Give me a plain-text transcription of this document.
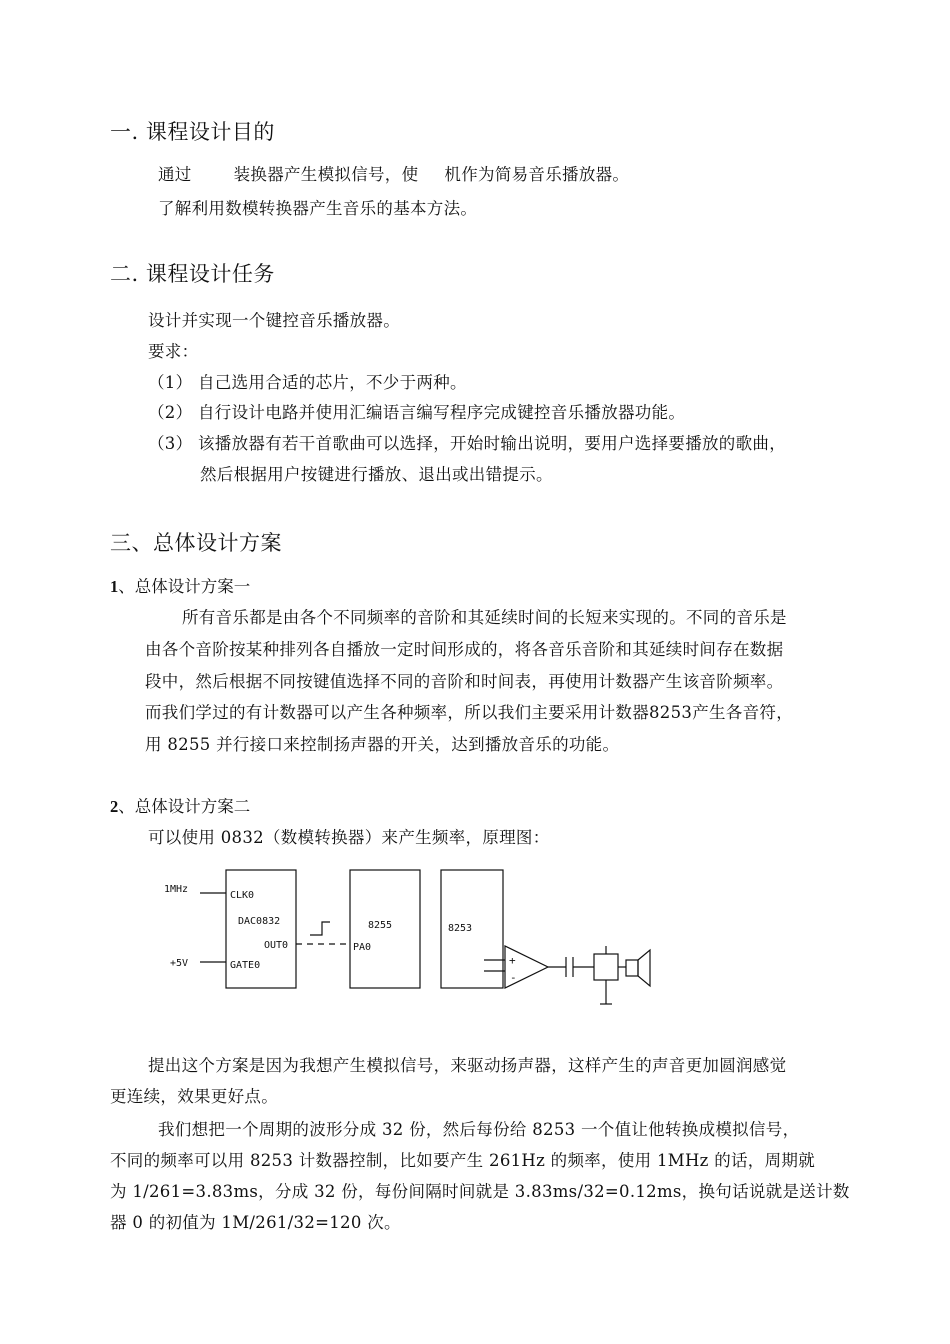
一. 课程设计目的
通过	装换器产生模拟信号，使 机作为简易音乐播放器。
了解利用数模转换器产生音乐的基本方法。
二. 课程设计任务
设计并实现一个键控音乐播放器。
要求：
（1） 自己选用合适的芯片，不少于两种。
（2） 自行设计电路并使用汇编语言编写程序完成键控音乐播放器功能。
（3） 该播放器有若干首歌曲可以选择，开始时输出说明，要用户选择要播放的歌曲，
然后根据用户按键进行播放、退出或出错提示。
三、总体设计方案
1、总体设计方案一
所有音乐都是由各个不同频率的音阶和其延续时间的长短来实现的。不同的音乐是
由各个音阶按某种排列各自播放一定时间形成的，将各音乐音阶和其延续时间存在数据
段中，然后根据不同按键值选择不同的音阶和时间表，再使用计数器产生该音阶频率。
而我们学过的有计数器可以产生各种频率，所以我们主要采用计数器8253产生各音符，
用 8255 并行接口来控制扬声器的开关，达到播放音乐的功能。
2、总体设计方案二
可以使用 0832（数模转换器）来产生频率，原理图：
1MHz
+5V
CLK0
DAC0832
OUT0
GATE0
8255
PA0
8253
+
-
提出这个方案是因为我想产生模拟信号，来驱动扬声器，这样产生的声音更加圆润感觉
更连续，效果更好点。
我们想把一个周期的波形分成 32 份，然后每份给 8253 一个值让他转换成模拟信号，
不同的频率可以用 8253 计数器控制，比如要产生 261Hz 的频率，使用 1MHz 的话，周期就
为 1/261=3.83ms，分成 32 份，每份间隔时间就是 3.83ms/32=0.12ms，换句话说就是送计数
器 0 的初值为 1M/261/32=120 次。
